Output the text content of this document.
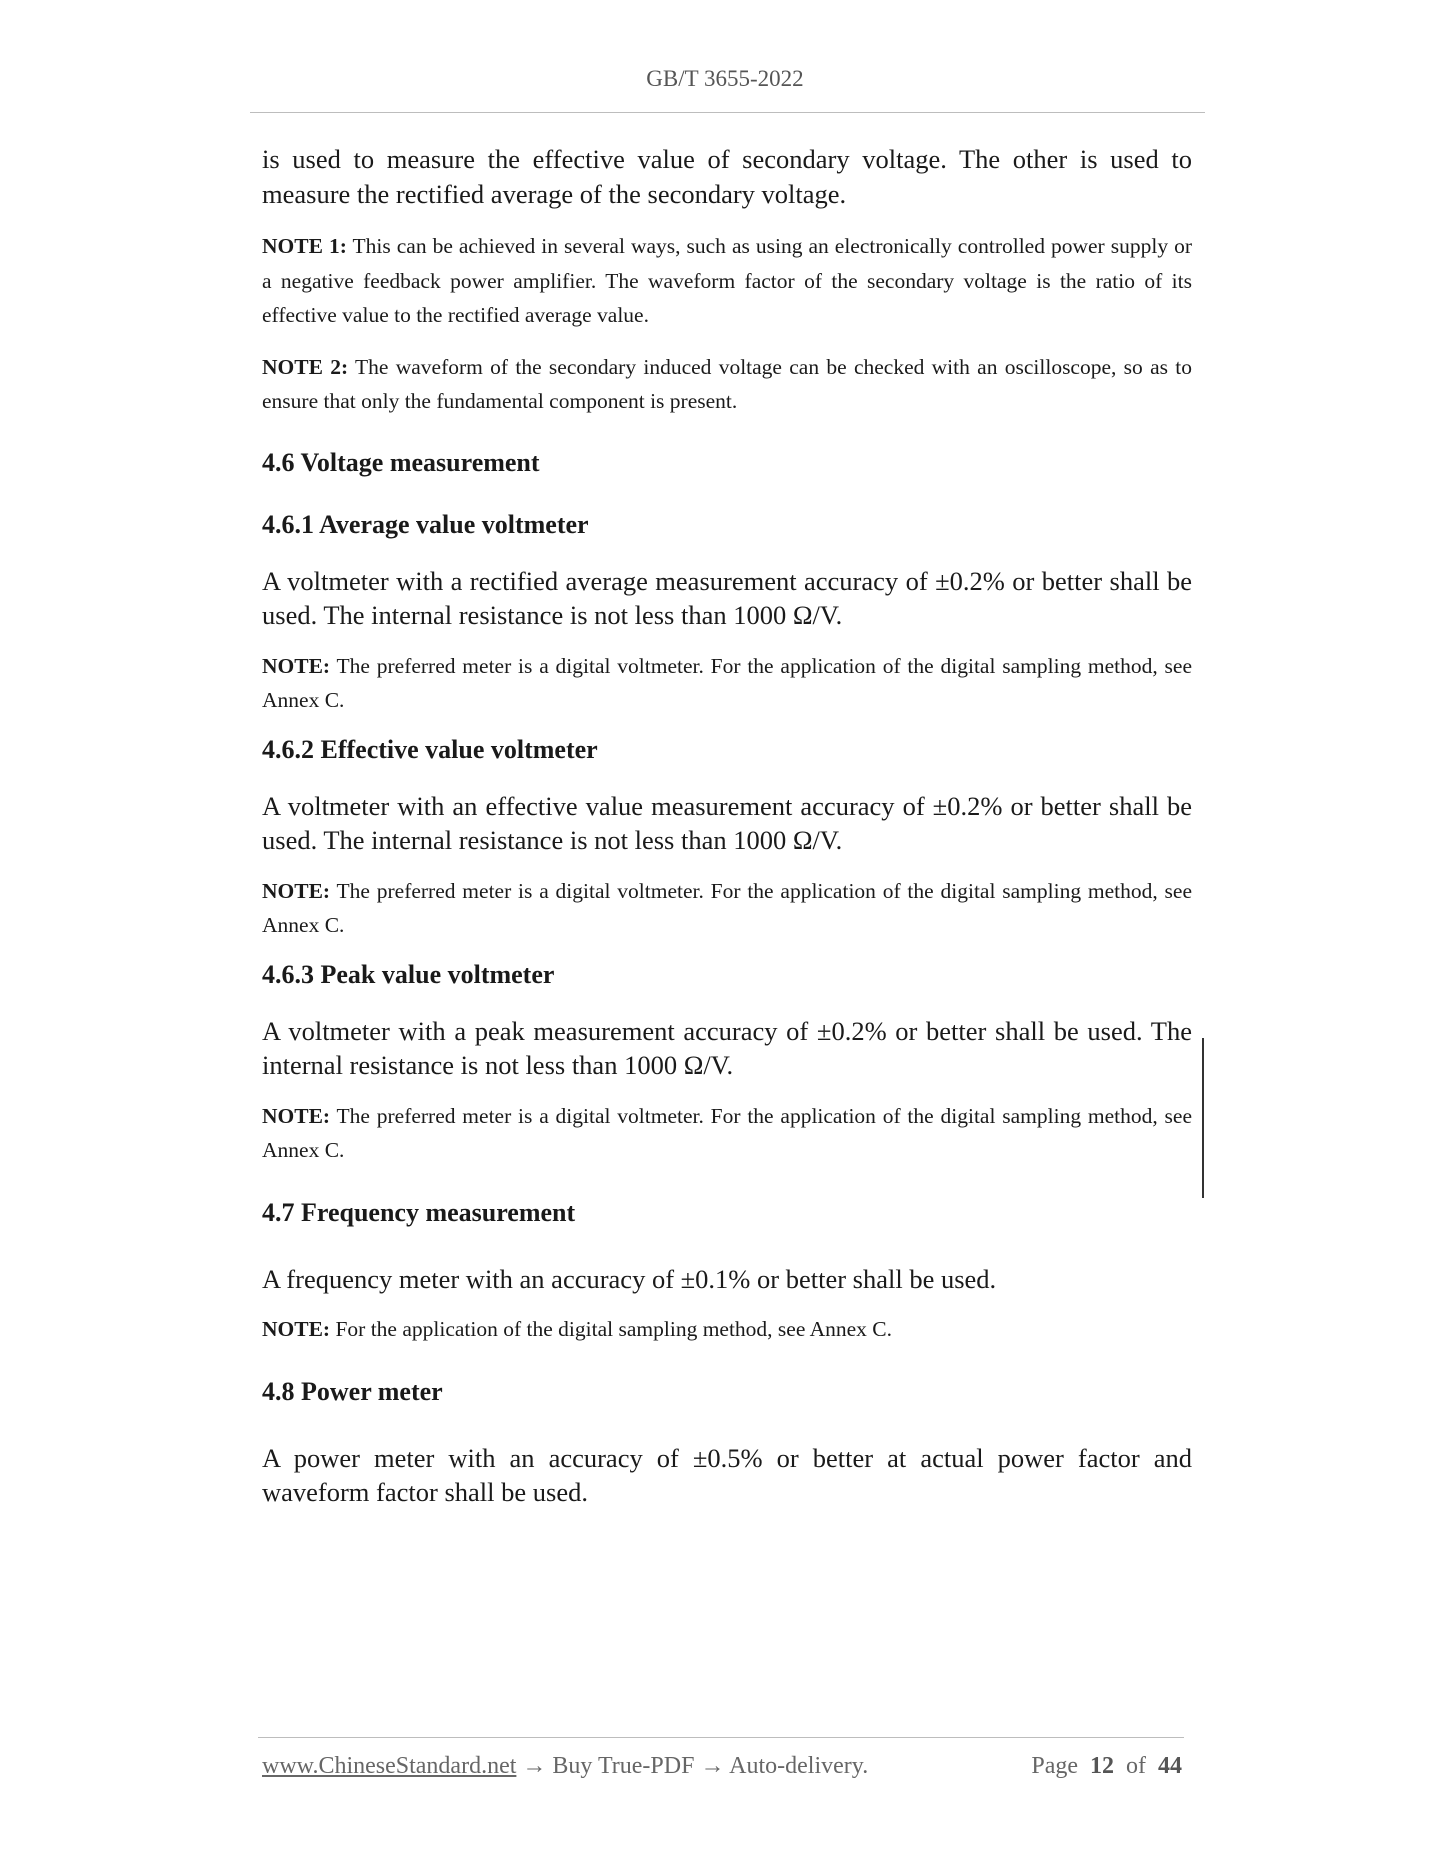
GB/T 3655-2022

is used to measure the effective value of secondary voltage. The other is used to measure the rectified average of the secondary voltage.

NOTE 1: This can be achieved in several ways, such as using an electronically controlled power supply or a negative feedback power amplifier. The waveform factor of the secondary voltage is the ratio of its effective value to the rectified average value.

NOTE 2: The waveform of the secondary induced voltage can be checked with an oscilloscope, so as to ensure that only the fundamental component is present.

4.6 Voltage measurement
4.6.1 Average value voltmeter

A voltmeter with a rectified average measurement accuracy of ±0.2% or better shall be used. The internal resistance is not less than 1000 Ω/V.

NOTE: The preferred meter is a digital voltmeter. For the application of the digital sampling method, see Annex C.

4.6.2 Effective value voltmeter

A voltmeter with an effective value measurement accuracy of ±0.2% or better shall be used. The internal resistance is not less than 1000 Ω/V.

NOTE: The preferred meter is a digital voltmeter. For the application of the digital sampling method, see Annex C.

4.6.3 Peak value voltmeter

A voltmeter with a peak measurement accuracy of ±0.2% or better shall be used. The internal resistance is not less than 1000 Ω/V.

NOTE: The preferred meter is a digital voltmeter. For the application of the digital sampling method, see Annex C.

4.7 Frequency measurement

A frequency meter with an accuracy of ±0.1% or better shall be used.

NOTE: For the application of the digital sampling method, see Annex C.

4.8 Power meter

A power meter with an accuracy of ±0.5% or better at actual power factor and waveform factor shall be used.

www.ChineseStandard.net → Buy True-PDF → Auto-delivery.	Page 12 of 44
